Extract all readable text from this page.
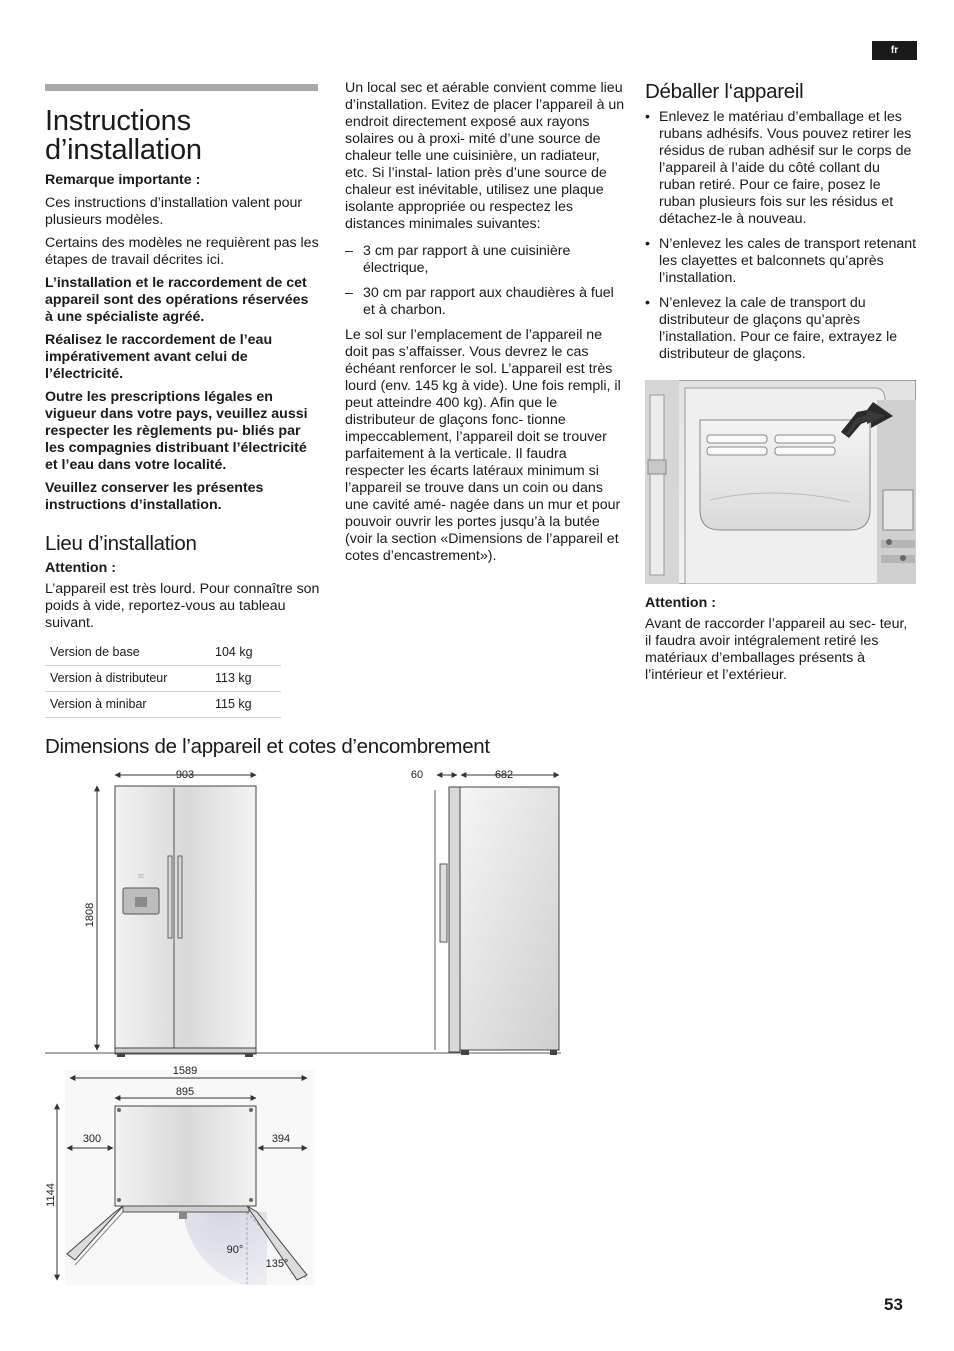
fr
Instructions
d’installation

Remarque importante :

Ces instructions d’installation valent pour plusieurs modèles.

Certains des modèles ne requièrent pas les étapes de travail décrites ici.

L’installation et le raccordement de cet appareil sont des opérations réservées à une spécialiste agréé.

Réalisez le raccordement de l’eau impérativement avant celui de l’électricité.

Outre les prescriptions légales en vigueur dans votre pays, veuillez aussi respecter les règlements pu- bliés par les compagnies distribuant l’électricité et l’eau dans votre localité.

Veuillez conserver les présentes instructions d’installation.

Lieu d’installation

Attention :

L’appareil est très lourd. Pour connaître son poids à vide, reportez-vous au tableau suivant.

Version de base	104 kg
Version à distributeur	113 kg
Version à minibar	115 kg

Un local sec et aérable convient comme lieu d’installation. Evitez de placer l’appareil à un endroit directement exposé aux rayons solaires ou à proxi- mité d’une source de chaleur telle une cuisinière, un radiateur, etc. Si l’instal- lation près d’une source de chaleur est inévitable, utilisez une plaque isolante appropriée ou respectez les distances minimales suivantes:

– 3 cm par rapport à une cuisinière électrique,
– 30 cm par rapport aux chaudières à fuel et à charbon.

Le sol sur l’emplacement de l’appareil ne doit pas s’affaisser. Vous devrez le cas échéant renforcer le sol. L’appareil est très lourd (env. 145 kg à vide). Une fois rempli, il peut atteindre 400 kg). Afin que le distributeur de glaçons fonc- tionne impeccablement, l’appareil doit se trouver parfaitement à la verticale. Il faudra respecter les écarts latéraux minimum si l’appareil se trouve dans un coin ou dans une cavité amé- nagée dans un mur et pour pouvoir ouvrir les portes jusqu’à la butée (voir la section «Dimensions de l’appareil et cotes d’encastrement»).

Déballer l‘appareil
• Enlevez le matériau d’emballage et les rubans adhésifs. Vous pouvez retirer les résidus de ruban adhésif sur le corps de l’appareil à l’aide du côté collant du ruban retiré. Pour ce faire, posez le ruban plusieurs fois sur les résidus et détachez-le à nouveau.
• N’enlevez les cales de transport retenant les clayettes et balconnets qu’après l’installation.
• N’enlevez la cale de transport du distributeur de glaçons qu’après l’installation. Pour ce faire, extrayez le distributeur de glaçons.

Attention :

Avant de raccorder l’appareil au sec- teur, il faudra avoir intégralement retiré les matériaux d’emballages présents à l’intérieur et l’extérieur.

Dimensions de l’appareil et cotes d’encombrement
903
1808
⁝⁝⁝
60	682
1589
895
300	394
1144
90°
135°
53
